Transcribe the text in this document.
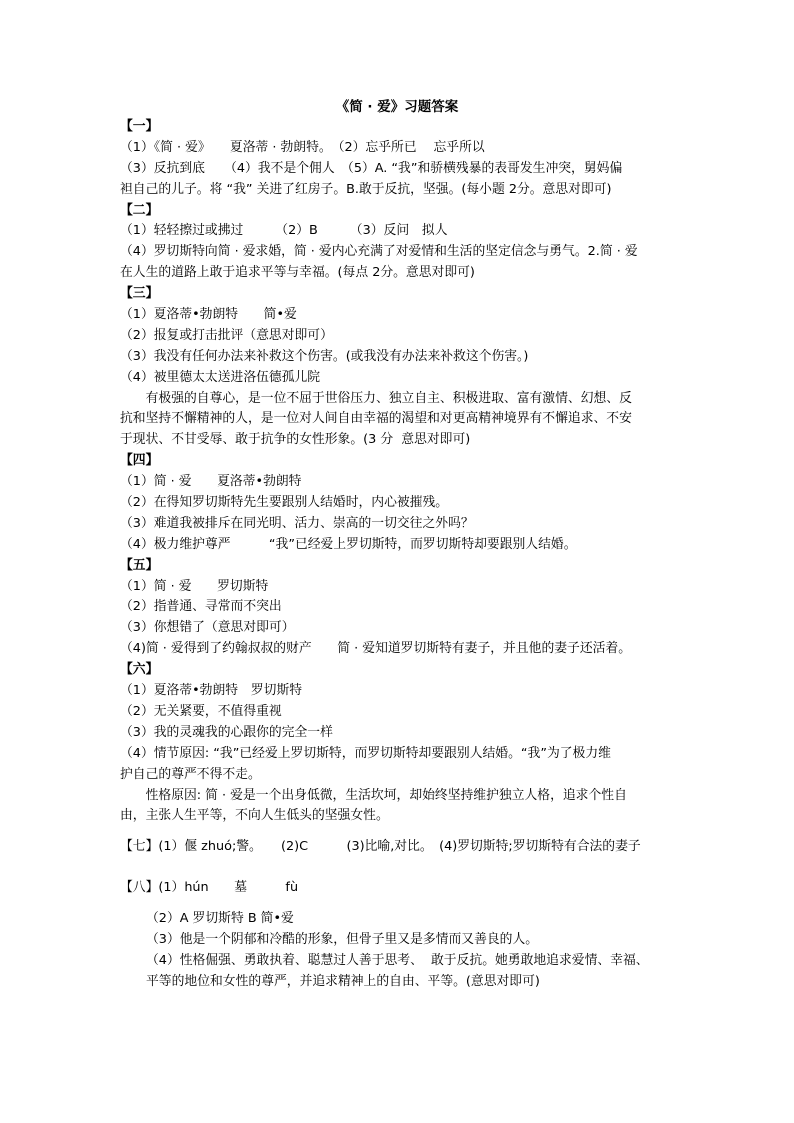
《简 · 爱》习题答案
【一】
（1）《简 · 爱》　　夏洛蒂 · 勃朗特。　（2）忘乎所已　 忘乎所以
（3）反抗到底　　（4）我不是个佣人　（5）A. “我”和骄横残暴的表哥发生冲突，舅妈偏
袒自己的儿子。将 “我” 关进了红房子。B.敢于反抗，坚强。(每小题 2分。意思对即可)
【二】
（1）轻轻擦过或拂过　　　（2）B　　　（3）反问　拟人
（4）罗切斯特向简 · 爱求婚，简 · 爱内心充满了对爱情和生活的坚定信念与勇气。2.简 · 爱
在人生的道路上敢于追求平等与幸福。(每点 2分。意思对即可)
【三】
（1）夏洛蒂•勃朗特　　简•爱
（2）报复或打击批评（意思对即可）
（3）我没有任何办法来补救这个伤害。(或我没有办法来补救这个伤害。)
（4）被里德太太送进洛伍德孤儿院
　　有极强的自尊心，是一位不屈于世俗压力、独立自主、积极进取、富有激情、幻想、反
抗和坚持不懈精神的人，是一位对人间自由幸福的渴望和对更高精神境界有不懈追求、不安
于现状、不甘受辱、敢于抗争的女性形象。(3 分  意思对即可)
【四】
（1）简 · 爱　　夏洛蒂•勃朗特
（2）在得知罗切斯特先生要跟别人结婚时，内心被摧残。
（3）难道我被排斥在同光明、活力、崇高的一切交往之外吗？
（4）极力维护尊严　　　“我”已经爱上罗切斯特，而罗切斯特却要跟别人结婚。
【五】
（1）简 · 爱　　罗切斯特
（2）指普通、寻常而不突出
（3）你想错了（意思对即可）
（4)简 · 爱得到了约翰叔叔的财产　　简 · 爱知道罗切斯特有妻子，并且他的妻子还活着。
【六】
（1）夏洛蒂•勃朗特　罗切斯特
（2）无关紧要，不值得重视
（3）我的灵魂我的心跟你的完全一样
（4）情节原因: “我”已经爱上罗切斯特，而罗切斯特却要跟别人结婚。“我”为了极力维
护自己的尊严不得不走。
　　性格原因: 简 · 爱是一个出身低微，生活坎坷，却始终坚持维护独立人格，追求个性自
由，主张人生平等，不向人生低头的坚强女性。
【七】(1）偃 zhuó;警。　　(2)C　　　(3)比喻,对比。　(4)罗切斯特;罗切斯特有合法的妻子
【八】(1）hún　　墓　　　fù
（2）A 罗切斯特 B 简•爱
（3）他是一个阴郁和冷酷的形象，但骨子里又是多情而又善良的人。
（4）性格倔强、勇敢执着、聪慧过人善于思考、  敢于反抗。她勇敢地追求爱情、幸福、
平等的地位和女性的尊严，并追求精神上的自由、平等。(意思对即可)
